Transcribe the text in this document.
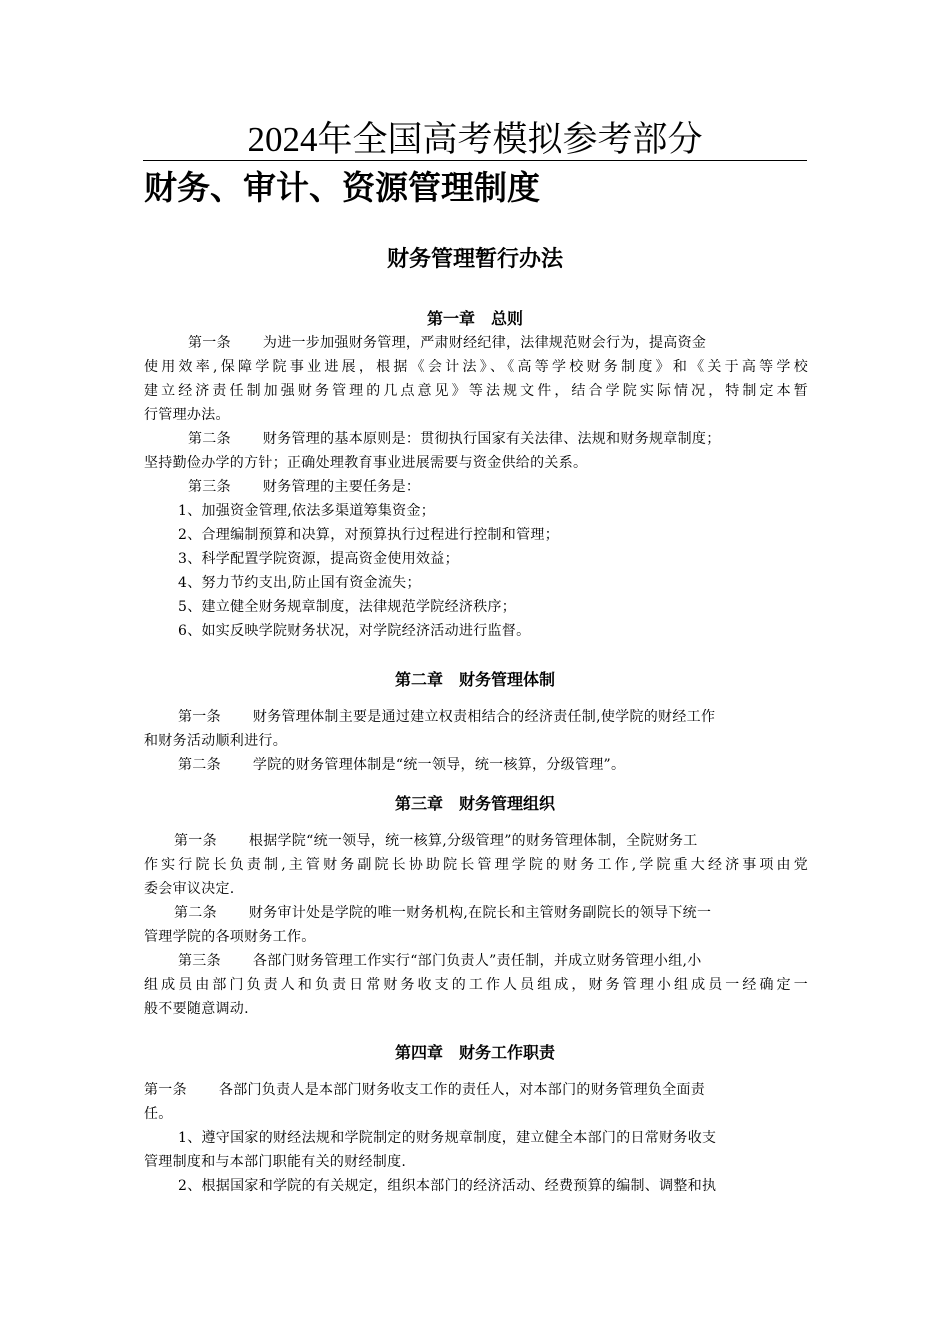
2024年全国高考模拟参考部分
财务、审计、资源管理制度
财务管理暂行办法
第一章　总则
第一条 为进一步加强财务管理，严肃财经纪律，法律规范财会行为，提高资金
使用效率,保障学院事业进展，根据《会计法》、《高等学校财务制度》和《关于高等学校
建立经济责任制加强财务管理的几点意见》等法规文件，结合学院实际情况，特制定本暂
行管理办法。
第二条 财务管理的基本原则是：贯彻执行国家有关法律、法规和财务规章制度；
坚持勤俭办学的方针；正确处理教育事业进展需要与资金供给的关系。
第三条 财务管理的主要任务是：
1、加强资金管理,依法多渠道筹集资金；
2、合理编制预算和决算，对预算执行过程进行控制和管理；
3、科学配置学院资源，提高资金使用效益；
4、努力节约支出,防止国有资金流失；
5、建立健全财务规章制度，法律规范学院经济秩序；
6、如实反映学院财务状况，对学院经济活动进行监督。
第二章　财务管理体制
第一条 财务管理体制主要是通过建立权责相结合的经济责任制,使学院的财经工作
和财务活动顺利进行。
第二条 学院的财务管理体制是“统一领导，统一核算，分级管理”。
第三章　财务管理组织
第一条 根据学院“统一领导，统一核算,分级管理”的财务管理体制，全院财务工
作实行院长负责制,主管财务副院长协助院长管理学院的财务工作,学院重大经济事项由党
委会审议决定.
第二条 财务审计处是学院的唯一财务机构,在院长和主管财务副院长的领导下统一
管理学院的各项财务工作。
第三条 各部门财务管理工作实行“部门负责人”责任制，并成立财务管理小组,小
组成员由部门负责人和负责日常财务收支的工作人员组成，财务管理小组成员一经确定一
般不要随意调动.
第四章　财务工作职责
第一条 各部门负责人是本部门财务收支工作的责任人，对本部门的财务管理负全面责
任。
1、遵守国家的财经法规和学院制定的财务规章制度，建立健全本部门的日常财务收支
管理制度和与本部门职能有关的财经制度.
2、根据国家和学院的有关规定，组织本部门的经济活动、经费预算的编制、调整和执
